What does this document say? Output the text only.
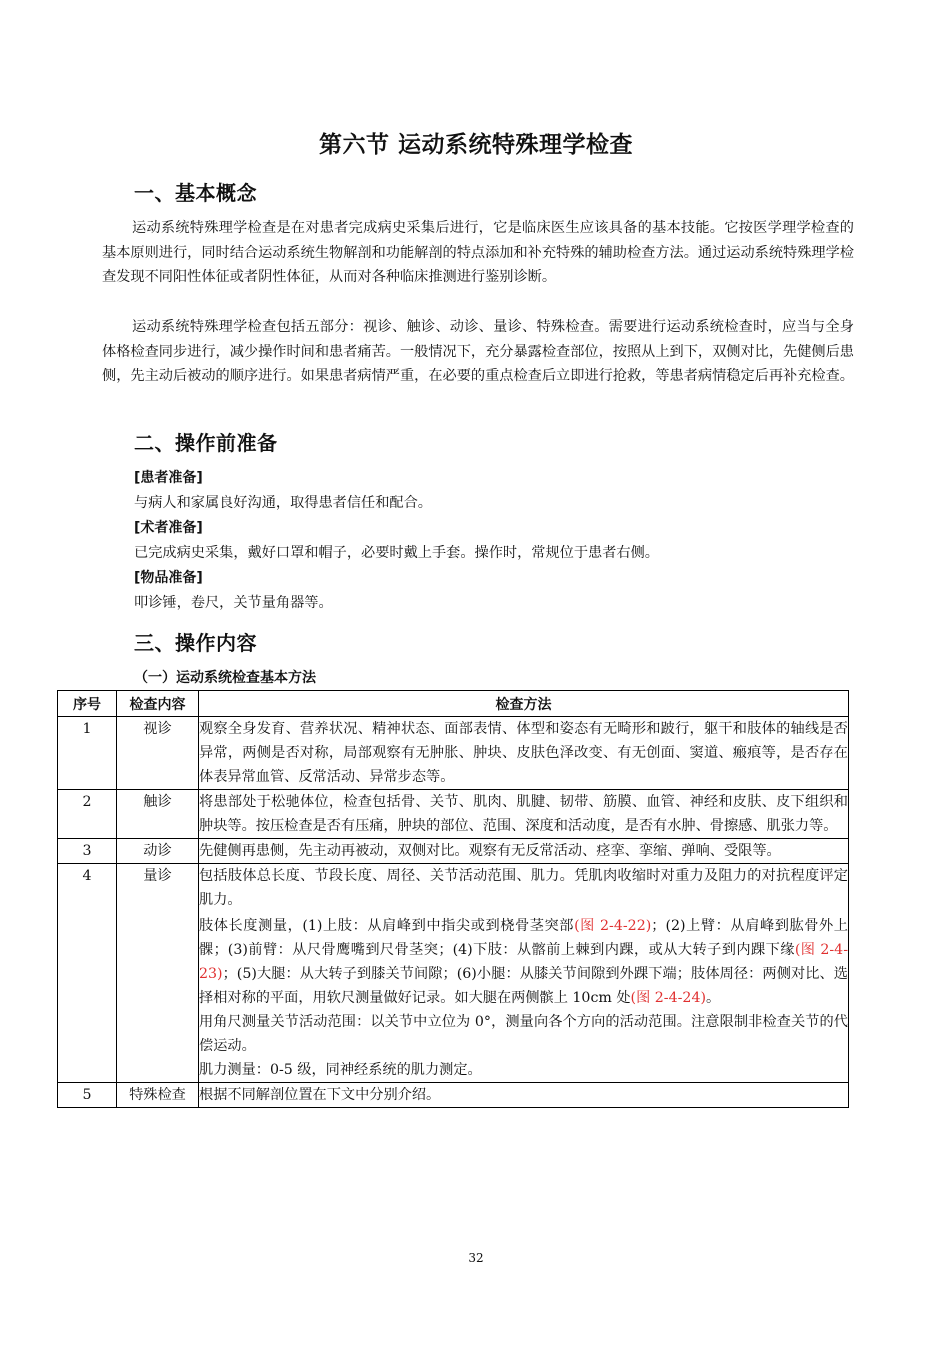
第六节 运动系统特殊理学检查
一、基本概念

运动系统特殊理学检查是在对患者完成病史采集后进行，它是临床医生应该具备的基本技能。它按医学理学检查的基本原则进行，同时结合运动系统生物解剖和功能解剖的特点添加和补充特殊的辅助检查方法。通过运动系统特殊理学检查发现不同阳性体征或者阴性体征，从而对各种临床推测进行鉴别诊断。

运动系统特殊理学检查包括五部分：视诊、触诊、动诊、量诊、特殊检查。需要进行运动系统检查时，应当与全身体格检查同步进行，减少操作时间和患者痛苦。一般情况下，充分暴露检查部位，按照从上到下，双侧对比，先健侧后患侧，先主动后被动的顺序进行。如果患者病情严重，在必要的重点检查后立即进行抢救，等患者病情稳定后再补充检查。

二、操作前准备
[患者准备]
与病人和家属良好沟通，取得患者信任和配合。
[术者准备]
已完成病史采集，戴好口罩和帽子，必要时戴上手套。操作时，常规位于患者右侧。
[物品准备]
叩诊锤，卷尺，关节量角器等。
三、操作内容
（一）运动系统检查基本方法
序号	检查内容	检查方法
1	视诊	观察全身发育、营养状况、精神状态、面部表情、体型和姿态有无畸形和跛行，躯干和肢体的轴线是否异常，两侧是否对称，局部观察有无肿胀、肿块、皮肤色泽改变、有无创面、窦道、瘢痕等，是否存在体表异常血管、反常活动、异常步态等。
2	触诊	将患部处于松驰体位，检查包括骨、关节、肌肉、肌腱、韧带、筋膜、血管、神经和皮肤、皮下组织和肿块等。按压检查是否有压痛，肿块的部位、范围、深度和活动度，是否有水肿、骨擦感、肌张力等。
3	动诊	先健侧再患侧，先主动再被动，双侧对比。观察有无反常活动、痉挛、挛缩、弹响、受限等。
4	量诊	包括肢体总长度、节段长度、周径、关节活动范围、肌力。凭肌肉收缩时对重力及阻力的对抗程度评定肌力。

肢体长度测量，(1)上肢：从肩峰到中指尖或到桡骨茎突部(图 2-4-22)；(2)上臂：从肩峰到肱骨外上髁；(3)前臂：从尺骨鹰嘴到尺骨茎突；(4)下肢：从髂前上棘到内踝，或从大转子到内踝下缘(图 2-4-23)；(5)大腿：从大转子到膝关节间隙；(6)小腿：从膝关节间隙到外踝下端；肢体周径：两侧对比、选择相对称的平面，用软尺测量做好记录。如大腿在两侧髌上 10cm 处(图 2-4-24)。

用角尺测量关节活动范围：以关节中立位为 0°，测量向各个方向的活动范围。注意限制非检查关节的代偿运动。

肌力测量：0-5 级，同神经系统的肌力测定。

5	特殊检查	根据不同解剖位置在下文中分别介绍。
32
